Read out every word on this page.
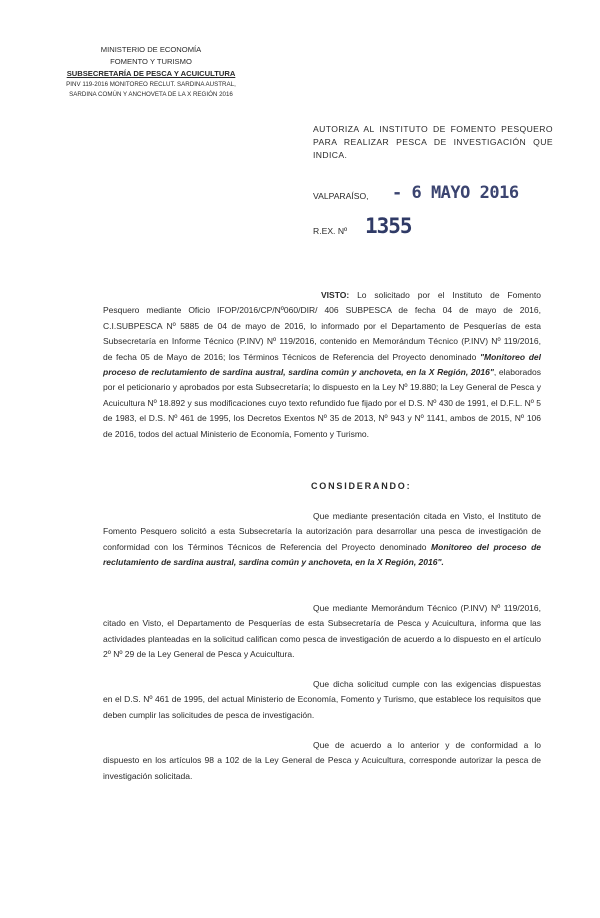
MINISTERIO DE ECONOMÍA
FOMENTO Y TURISMO
SUBSECRETARÍA DE PESCA Y ACUICULTURA
PINV 119-2016 MONITOREO RECLUT. SARDINA AUSTRAL,
SARDINA COMÚN Y ANCHOVETA DE LA X REGIÓN 2016
AUTORIZA AL INSTITUTO DE FOMENTO PESQUERO PARA REALIZAR PESCA DE INVESTIGACIÓN QUE INDICA.
VALPARAÍSO, - 6 MAYO 2016
R.EX. Nº 1355
VISTO: Lo solicitado por el Instituto de Fomento Pesquero mediante Oficio IFOP/2016/CP/Nº060/DIR/ 406 SUBPESCA de fecha 04 de mayo de 2016, C.I.SUBPESCA Nº 5885 de 04 de mayo de 2016, lo informado por el Departamento de Pesquerías de esta Subsecretaría en Informe Técnico (P.INV) Nº 119/2016, contenido en Memorándum Técnico (P.INV) Nº 119/2016, de fecha 05 de Mayo de 2016; los Términos Técnicos de Referencia del Proyecto denominado "Monitoreo del proceso de reclutamiento de sardina austral, sardina común y anchoveta, en la X Región, 2016", elaborados por el peticionario y aprobados por esta Subsecretaría; lo dispuesto en la Ley Nº 19.880; la Ley General de Pesca y Acuicultura Nº 18.892 y sus modificaciones cuyo texto refundido fue fijado por el D.S. Nº 430 de 1991, el D.F.L. Nº 5 de 1983, el D.S. Nº 461 de 1995, los Decretos Exentos Nº 35 de 2013, Nº 943 y Nº 1141, ambos de 2015, Nº 106 de 2016, todos del actual Ministerio de Economía, Fomento y Turismo.
CONSIDERANDO:
Que mediante presentación citada en Visto, el Instituto de Fomento Pesquero solicitó a esta Subsecretaría la autorización para desarrollar una pesca de investigación de conformidad con los Términos Técnicos de Referencia del Proyecto denominado Monitoreo del proceso de reclutamiento de sardina austral, sardina común y anchoveta, en la X Región, 2016".
Que mediante Memorándum Técnico (P.INV) Nº 119/2016, citado en Visto, el Departamento de Pesquerías de esta Subsecretaría de Pesca y Acuicultura, informa que las actividades planteadas en la solicitud califican como pesca de investigación de acuerdo a lo dispuesto en el artículo 2º Nº 29 de la Ley General de Pesca y Acuicultura.
Que dicha solicitud cumple con las exigencias dispuestas en el D.S. Nº 461 de 1995, del actual Ministerio de Economía, Fomento y Turismo, que establece los requisitos que deben cumplir las solicitudes de pesca de investigación.
Que de acuerdo a lo anterior y de conformidad a lo dispuesto en los artículos 98 a 102 de la Ley General de Pesca y Acuicultura, corresponde autorizar la pesca de investigación solicitada.
